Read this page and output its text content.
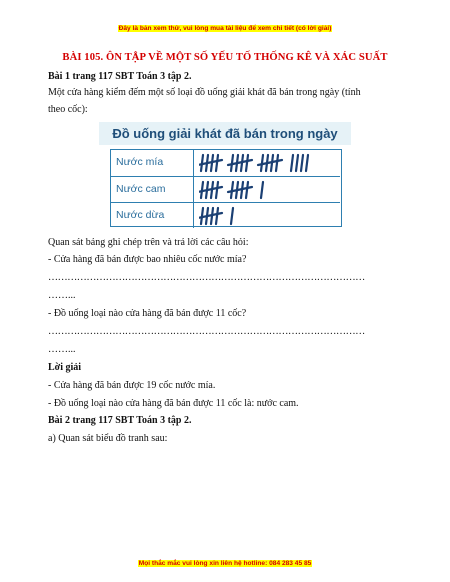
Đây là bản xem thử, vui lòng mua tài liệu để xem chi tiết (có lời giải)
BÀI 105. ÔN TẬP VỀ MỘT SỐ YẾU TỐ THỐNG KÊ VÀ XÁC SUẤT
Bài 1 trang 117 SBT Toán 3 tập 2.
Một cửa hàng kiểm đếm một số loại đồ uống giải khát đã bán trong ngày (tính
theo cốc):
Đồ uống giải khát đã bán trong ngày
Nước mía
Nước cam
Nước dừa
Quan sát bảng ghi chép trên và trả lời các câu hỏi:
- Cửa hàng đã bán được bao nhiêu cốc nước mía?
………………………………………………………………………………………
……...
- Đồ uống loại nào cửa hàng đã bán được 11 cốc?
………………………………………………………………………………………
……...
Lời giải
- Cửa hàng đã bán được 19 cốc nước mía.
- Đồ uống loại nào cửa hàng đã bán được 11 cốc là: nước cam.
Bài 2 trang 117 SBT Toán 3 tập 2.
a) Quan sát biểu đồ tranh sau:
Mọi thắc mắc vui lòng xin liên hệ hotline: 084 283 45 85
